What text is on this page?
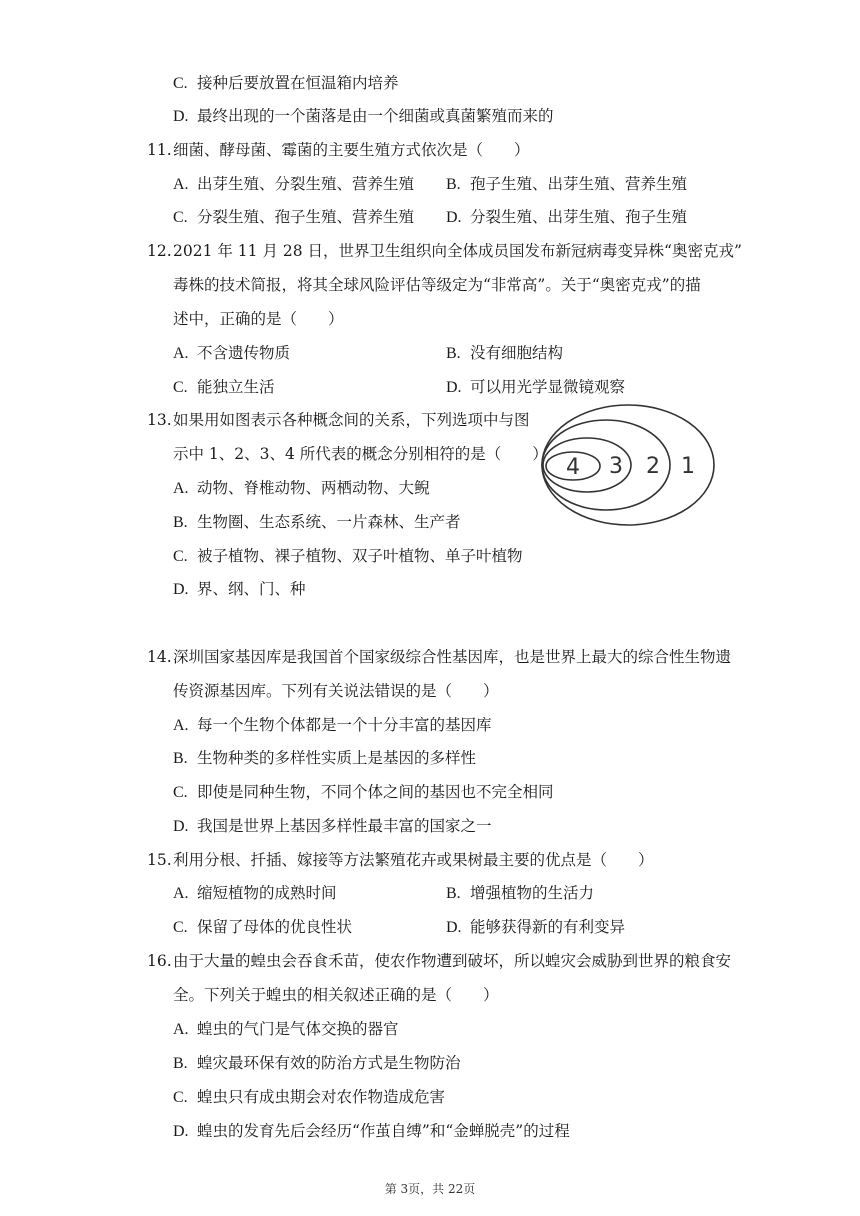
C. 接种后要放置在恒温箱内培养
D. 最终出现的一个菌落是由一个细菌或真菌繁殖而来的
11.细菌、酵母菌、霉菌的主要生殖方式依次是（　　）
A. 出芽生殖、分裂生殖、营养生殖 B. 孢子生殖、出芽生殖、营养生殖
C. 分裂生殖、孢子生殖、营养生殖 D. 分裂生殖、出芽生殖、孢子生殖
12.2021 年 11 月 28 日，世界卫生组织向全体成员国发布新冠病毒变异株“奥密克戎”
毒株的技术简报，将其全球风险评估等级定为“非常高”。关于“奥密克戎”的描
述中，正确的是（　　）
A. 不含遗传物质	B. 没有细胞结构
C. 能独立生活	D. 可以用光学显微镜观察
13.如果用如图表示各种概念间的关系，下列选项中与图
示中 1、2、3、4 所代表的概念分别相符的是（　　）
A. 动物、脊椎动物、两栖动物、大鲵
B. 生物圈、生态系统、一片森林、生产者
C. 被子植物、裸子植物、双子叶植物、单子叶植物
D. 界、纲、门、种
4 3 2 1
14.深圳国家基因库是我国首个国家级综合性基因库，也是世界上最大的综合性生物遗
传资源基因库。下列有关说法错误的是（　　）
A. 每一个生物个体都是一个十分丰富的基因库
B. 生物种类的多样性实质上是基因的多样性
C. 即使是同种生物，不同个体之间的基因也不完全相同
D. 我国是世界上基因多样性最丰富的国家之一
15.利用分根、扦插、嫁接等方法繁殖花卉或果树最主要的优点是（　　）
A. 缩短植物的成熟时间	B. 增强植物的生活力
C. 保留了母体的优良性状	D. 能够获得新的有利变异
16.由于大量的蝗虫会吞食禾苗，使农作物遭到破坏，所以蝗灾会威胁到世界的粮食安
全。下列关于蝗虫的相关叙述正确的是（　　）
A. 蝗虫的气门是气体交换的器官
B. 蝗灾最环保有效的防治方式是生物防治
C. 蝗虫只有成虫期会对农作物造成危害
D. 蝗虫的发育先后会经历“作茧自缚”和“金蝉脱壳”的过程
第 3页，共 22页
